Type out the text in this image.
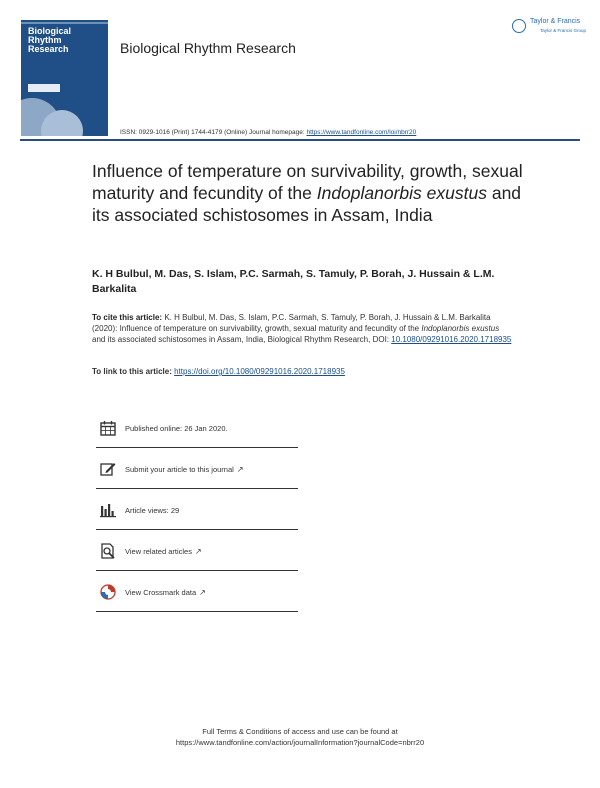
Biological
Rhythm
Research	Biological Rhythm Research
Taylor & Francis
Taylor & Francis Group
ISSN: 0929-1016 (Print) 1744-4179 (Online) Journal homepage: https://www.tandfonline.com/loi/nbrr20
Influence of temperature on survivability, growth, sexual maturity and fecundity of the Indoplanorbis exustus and its associated schistosomes in Assam, India
K. H Bulbul, M. Das, S. Islam, P.C. Sarmah, S. Tamuly, P. Borah, J. Hussain & L.M. Barkalita
To cite this article: K. H Bulbul, M. Das, S. Islam, P.C. Sarmah, S. Tamuly, P. Borah, J. Hussain & L.M. Barkalita (2020): Influence of temperature on survivability, growth, sexual maturity and fecundity of the Indoplanorbis exustus and its associated schistosomes in Assam, India, Biological Rhythm Research, DOI: 10.1080/09291016.2020.1718935
To link to this article: https://doi.org/10.1080/09291016.2020.1718935
Published online: 26 Jan 2020.
Submit your article to this journal ↗
Article views: 29
View related articles ↗
View Crossmark data ↗
Full Terms & Conditions of access and use can be found at
https://www.tandfonline.com/action/journalInformation?journalCode=nbrr20
